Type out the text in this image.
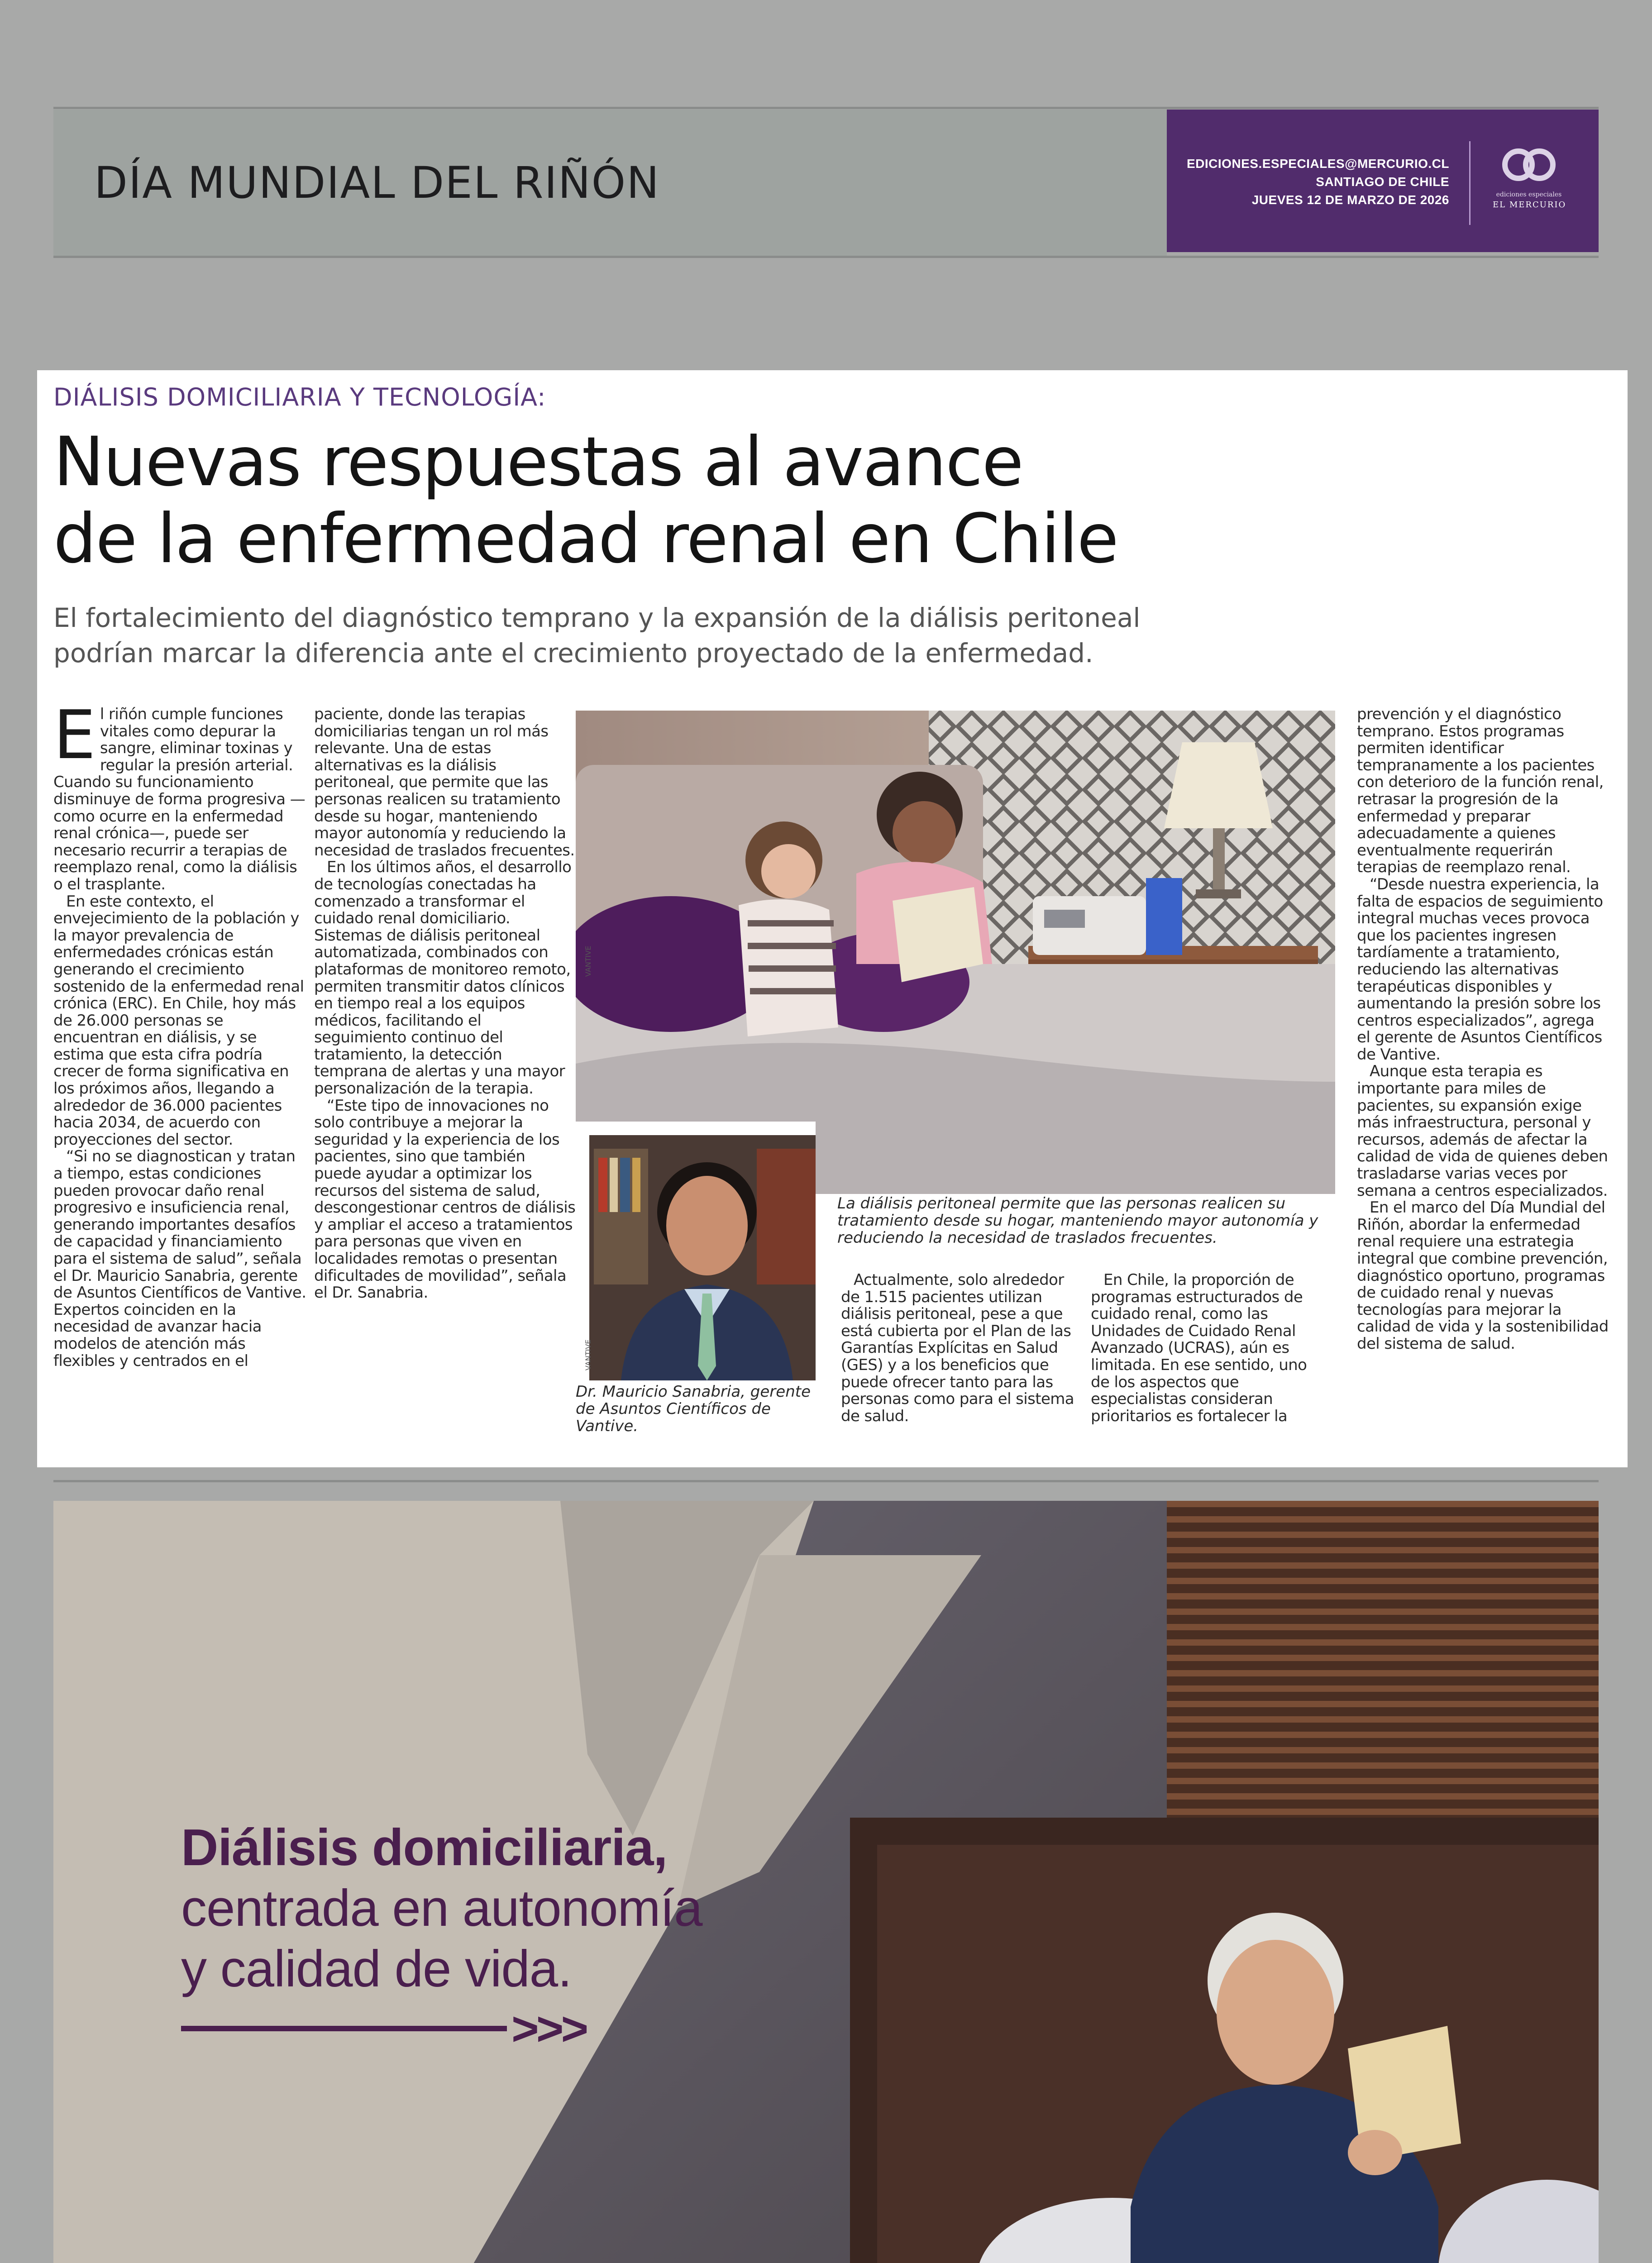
DÍA MUNDIAL DEL RIÑÓN	EDICIONES.ESPECIALES@MERCURIO.CL
SANTIAGO DE CHILE
JUEVES 12 DE MARZO DE 2026	ediciones especiales
EL MERCURIO
DIÁLISIS DOMICILIARIA Y TECNOLOGÍA:
Nuevas respuestas al avance
de la enfermedad renal en Chile
El fortalecimiento del diagnóstico temprano y la expansión de la diálisis peritoneal podrían marcar la diferencia ante el crecimiento proyectado de la enfermedad.

El riñón cumple funciones vitales como depurar la sangre, eliminar toxinas y regular la presión arterial. Cuando su funcionamiento disminuye de forma progresiva —como ocurre en la enfermedad renal crónica—, puede ser necesario recurrir a terapias de reemplazo renal, como la diálisis o el trasplante.

En este contexto, el envejecimiento de la población y la mayor prevalencia de enfermedades crónicas están generando el crecimiento sostenido de la enfermedad renal crónica (ERC). En Chile, hoy más de 26.000 personas se encuentran en diálisis, y se estima que esta cifra podría crecer de forma significativa en los próximos años, llegando a alrededor de 36.000 pacientes hacia 2034, de acuerdo con proyecciones del sector.

“Si no se diagnostican y tratan a tiempo, estas condiciones pueden provocar daño renal progresivo e insuficiencia renal, generando importantes desafíos de capacidad y financiamiento para el sistema de salud”, señala el Dr. Mauricio Sanabria, gerente de Asuntos Científicos de Vantive. Expertos coinciden en la necesidad de avanzar hacia modelos de atención más flexibles y centrados en el

paciente, donde las terapias domiciliarias tengan un rol más relevante. Una de estas alternativas es la diálisis peritoneal, que permite que las personas realicen su tratamiento desde su hogar, manteniendo mayor autonomía y reduciendo la necesidad de traslados frecuentes.

En los últimos años, el desarrollo de tecnologías conectadas ha comenzado a transformar el cuidado renal domiciliario. Sistemas de diálisis peritoneal automatizada, combinados con plataformas de monitoreo remoto, permiten transmitir datos clínicos en tiempo real a los equipos médicos, facilitando el seguimiento continuo del tratamiento, la detección temprana de alertas y una mayor personalización de la terapia.

“Este tipo de innovaciones no solo contribuye a mejorar la seguridad y la experiencia de los pacientes, sino que también puede ayudar a optimizar los recursos del sistema de salud, descongestionar centros de diálisis y ampliar el acceso a tratamientos para personas que viven en localidades remotas o presentan dificultades de movilidad”, señala el Dr. Sanabria.

VANTIVE
VANTIVE
La diálisis peritoneal permite que las personas realicen su tratamiento desde su hogar, manteniendo mayor autonomía y reduciendo la necesidad de traslados frecuentes.
Dr. Mauricio Sanabria, gerente de Asuntos Científicos de Vantive.

Actualmente, solo alrededor de 1.515 pacientes utilizan diálisis peritoneal, pese a que está cubierta por el Plan de las Garantías Explícitas en Salud (GES) y a los beneficios que puede ofrecer tanto para las personas como para el sistema de salud.

En Chile, la proporción de programas estructurados de cuidado renal, como las Unidades de Cuidado Renal Avanzado (UCRAS), aún es limitada. En ese sentido, uno de los aspectos que especialistas consideran prioritarios es fortalecer la

prevención y el diagnóstico temprano. Estos programas permiten identificar tempranamente a los pacientes con deterioro de la función renal, retrasar la progresión de la enfermedad y preparar adecuadamente a quienes eventualmente requerirán terapias de reemplazo renal.

“Desde nuestra experiencia, la falta de espacios de seguimiento integral muchas veces provoca que los pacientes ingresen tardíamente a tratamiento, reduciendo las alternativas terapéuticas disponibles y aumentando la presión sobre los centros especializados”, agrega el gerente de Asuntos Científicos de Vantive.

Aunque esta terapia es importante para miles de pacientes, su expansión exige más infraestructura, personal y recursos, además de afectar la calidad de vida de quienes deben trasladarse varias veces por semana a centros especializados.

En el marco del Día Mundial del Riñón, abordar la enfermedad renal requiere una estrategia integral que combine prevención, diagnóstico oportuno, programas de cuidado renal y nuevas tecnologías para mejorar la calidad de vida y la sostenibilidad del sistema de salud.

Diálisis domiciliaria,
centrada en autonomía
y calidad de vida.
>>>
